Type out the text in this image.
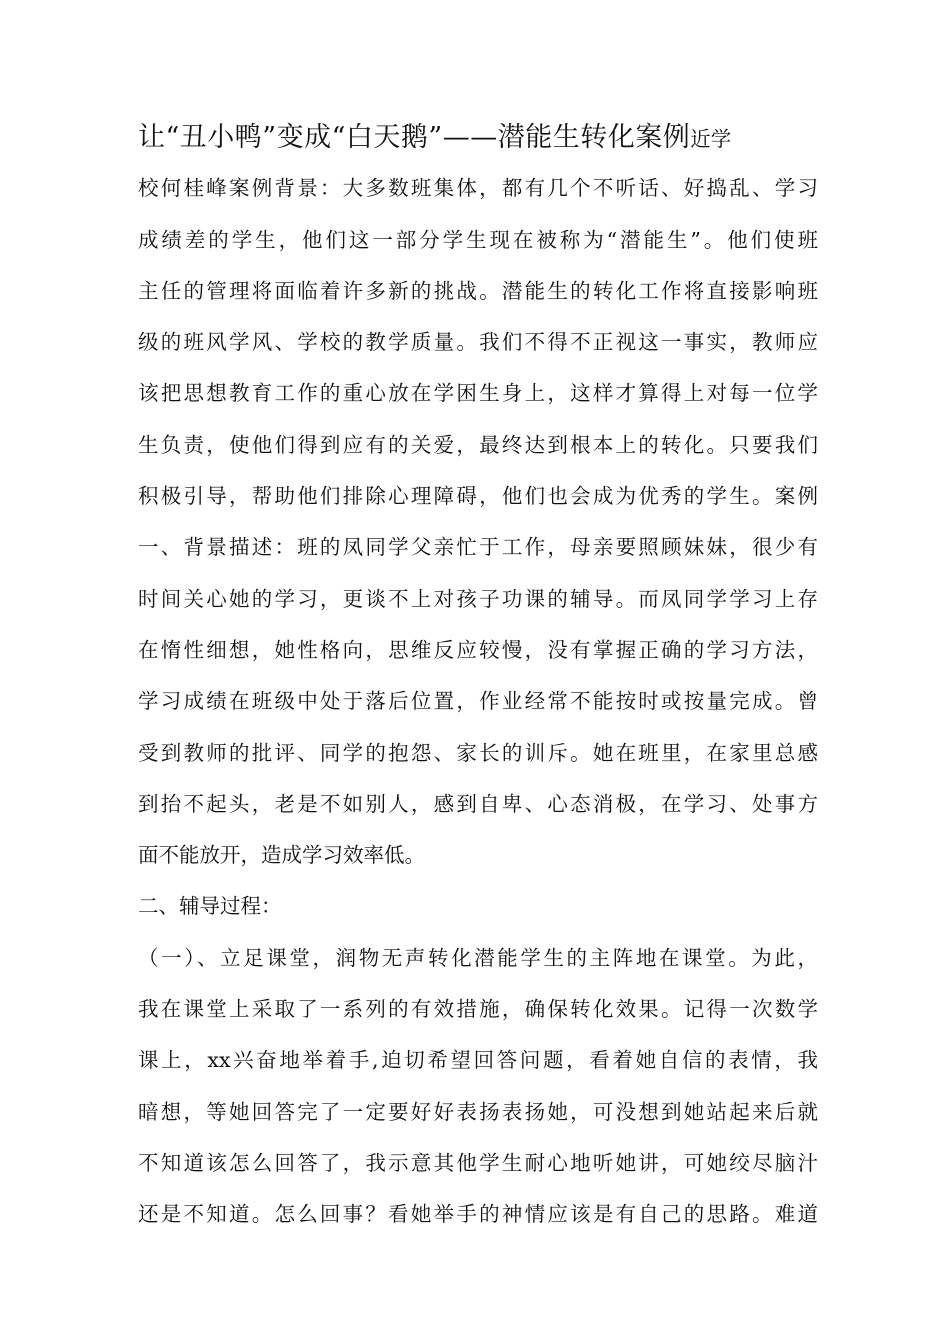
让“丑小鸭”变成“白天鹅”——潜能生转化案例近学
校何桂峰案例背景：大多数班集体，都有几个不听话、好捣乱、学习
成绩差的学生，他们这一部分学生现在被称为“潜能生”。他们使班
主任的管理将面临着许多新的挑战。潜能生的转化工作将直接影响班
级的班风学风、学校的教学质量。我们不得不正视这一事实，教师应
该把思想教育工作的重心放在学困生身上，这样才算得上对每一位学
生负责，使他们得到应有的关爱，最终达到根本上的转化。只要我们
积极引导，帮助他们排除心理障碍，他们也会成为优秀的学生。案例
一、背景描述：班的凤同学父亲忙于工作，母亲要照顾妹妹，很少有
时间关心她的学习，更谈不上对孩子功课的辅导。而凤同学学习上存
在惰性细想，她性格向，思维反应较慢，没有掌握正确的学习方法，
学习成绩在班级中处于落后位置，作业经常不能按时或按量完成。曾
受到教师的批评、同学的抱怨、家长的训斥。她在班里，在家里总感
到抬不起头，老是不如别人，感到自卑、心态消极，在学习、处事方
面不能放开，造成学习效率低。
二、辅导过程：
（一）、立足课堂，润物无声转化潜能学生的主阵地在课堂。为此，
我在课堂上采取了一系列的有效措施，确保转化效果。记得一次数学
课上，xx兴奋地举着手,迫切希望回答问题，看着她自信的表情，我
暗想，等她回答完了一定要好好表扬表扬她，可没想到她站起来后就
不知道该怎么回答了，我示意其他学生耐心地听她讲，可她绞尽脑汁
还是不知道。怎么回事？看她举手的神情应该是有自己的思路。难道
